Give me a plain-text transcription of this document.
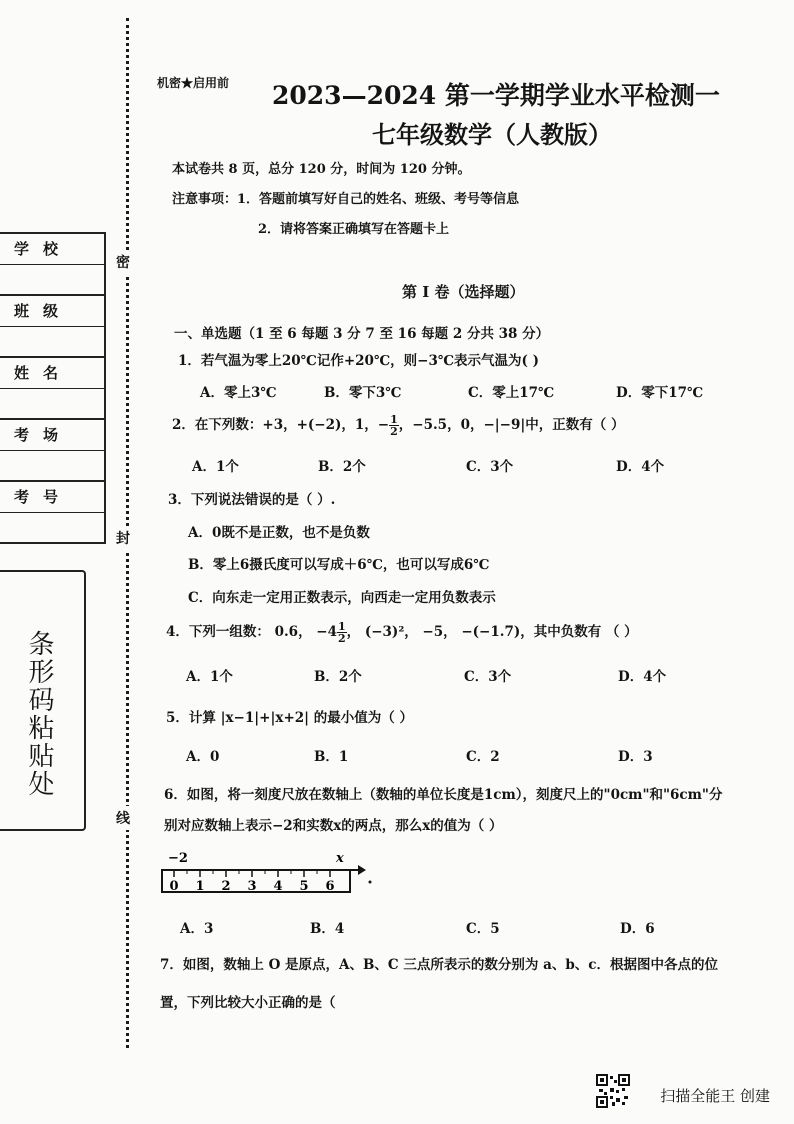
密
封
线
学校
班级
姓名
考场
考号
条形码粘贴处
机密★启用前 2023—2024 第一学期学业水平检测一
七年级数学（人教版）
本试卷共 8 页，总分 120 分，时间为 120 分钟。
注意事项：1．答题前填写好自己的姓名、班级、考号等信息
2．请将答案正确填写在答题卡上
第 I 卷（选择题）
一、单选题（1 至 6 每题 3 分 7 至 16 每题 2 分共 38 分）
1．若气温为零上20℃记作+20℃，则−3℃表示气温为( )
A．零上3℃	B．零下3℃	C．零上17℃	D．零下17℃
2．在下列数：+3，+(−2)，1，− $\frac{1}{2}$ ，−5.5，0，−|−9|中，正数有（ ）
A．1个	B．2个	C．3个	D．4个
3．下列说法错误的是（ ）.
A．0既不是正数，也不是负数
B．零上6摄氏度可以写成＋6℃，也可以写成6℃
C．向东走一定用正数表示，向西走一定用负数表示
4．下列一组数： 0.6， $-4 \frac{1}{2}$ ， (−3)²， −5， −(−1.7)，其中负数有 （ ）
A．1个	B．2个	C．3个	D．4个
5．计算 |x−1|+|x+2| 的最小值为（ ）
A．0	B．1	C．2	D．3
6．如图，将一刻度尺放在数轴上（数轴的单位长度是1cm），刻度尺上的"0cm"和"6cm"分
别对应数轴上表示−2和实数x的两点，那么x的值为（ ）
−2	x
0 1 2 3 4 5 6
A．3	B．4	C．5	D．6
7．如图，数轴上 O 是原点，A、B、C 三点所表示的数分别为 a、b、c．根据图中各点的位
置，下列比较大小正确的是（
扫描全能王 创建
